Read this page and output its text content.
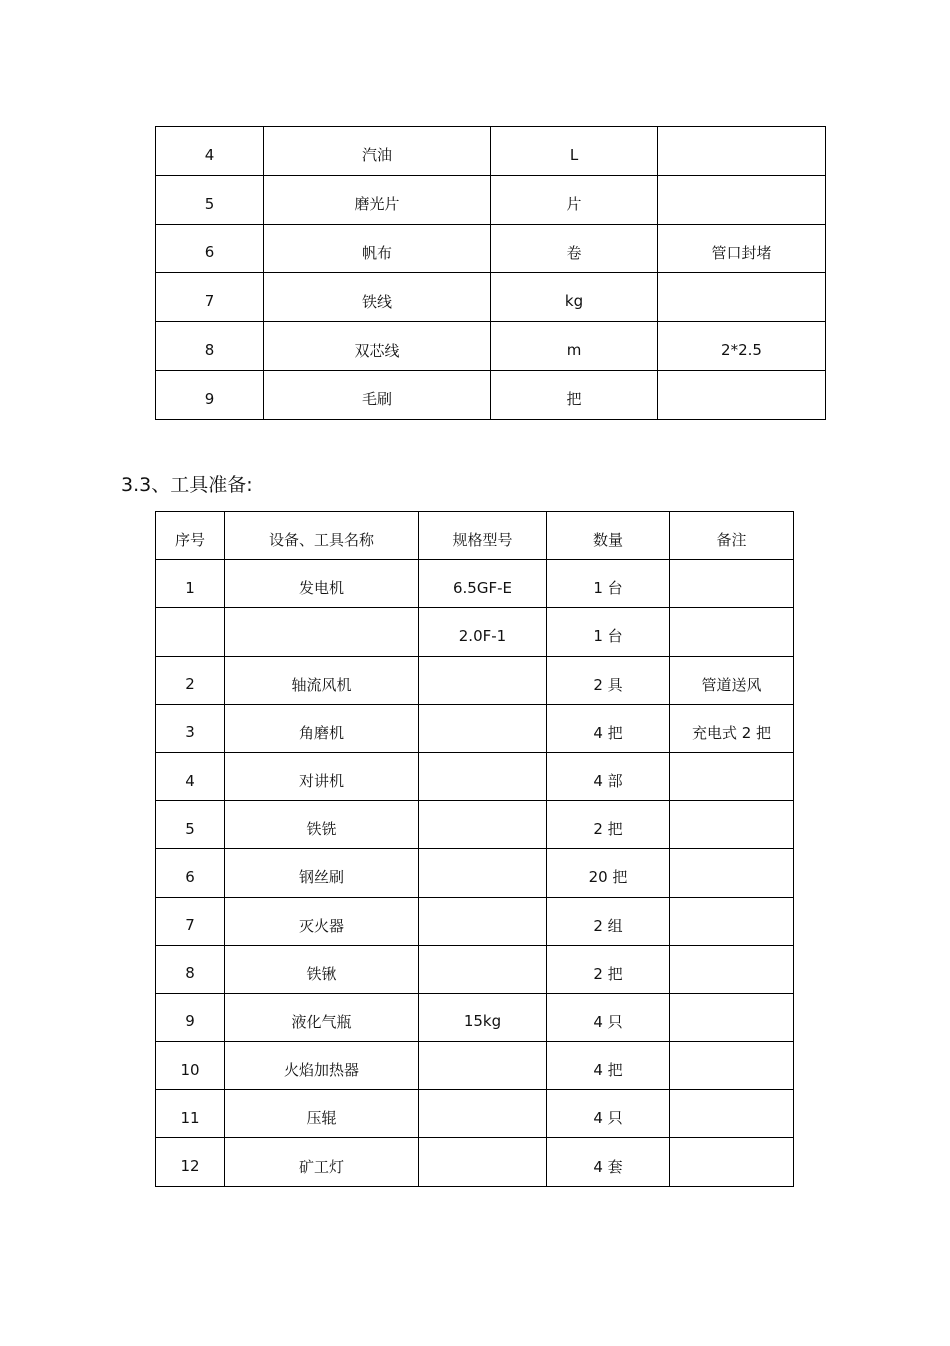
4	汽油	L	
5	磨光片	片	
6	帆布	卷	管口封堵
7	铁线	kg	
8	双芯线	m	2*2.5
9	毛刷	把	
3.3、工具准备:
序号	设备、工具名称	规格型号	数量	备注
1	发电机	6.5GF-E	1 台	
		2.0F-1	1 台	
2	轴流风机		2 具	管道送风
3	角磨机		4 把	充电式 2 把
4	对讲机		4 部	
5	铁铣		2 把	
6	钢丝刷		20 把	
7	灭火器		2 组	
8	铁锹		2 把	
9	液化气瓶	15kg	4 只	
10	火焰加热器		4 把	
11	压辊		4 只	
12	矿工灯		4 套	
